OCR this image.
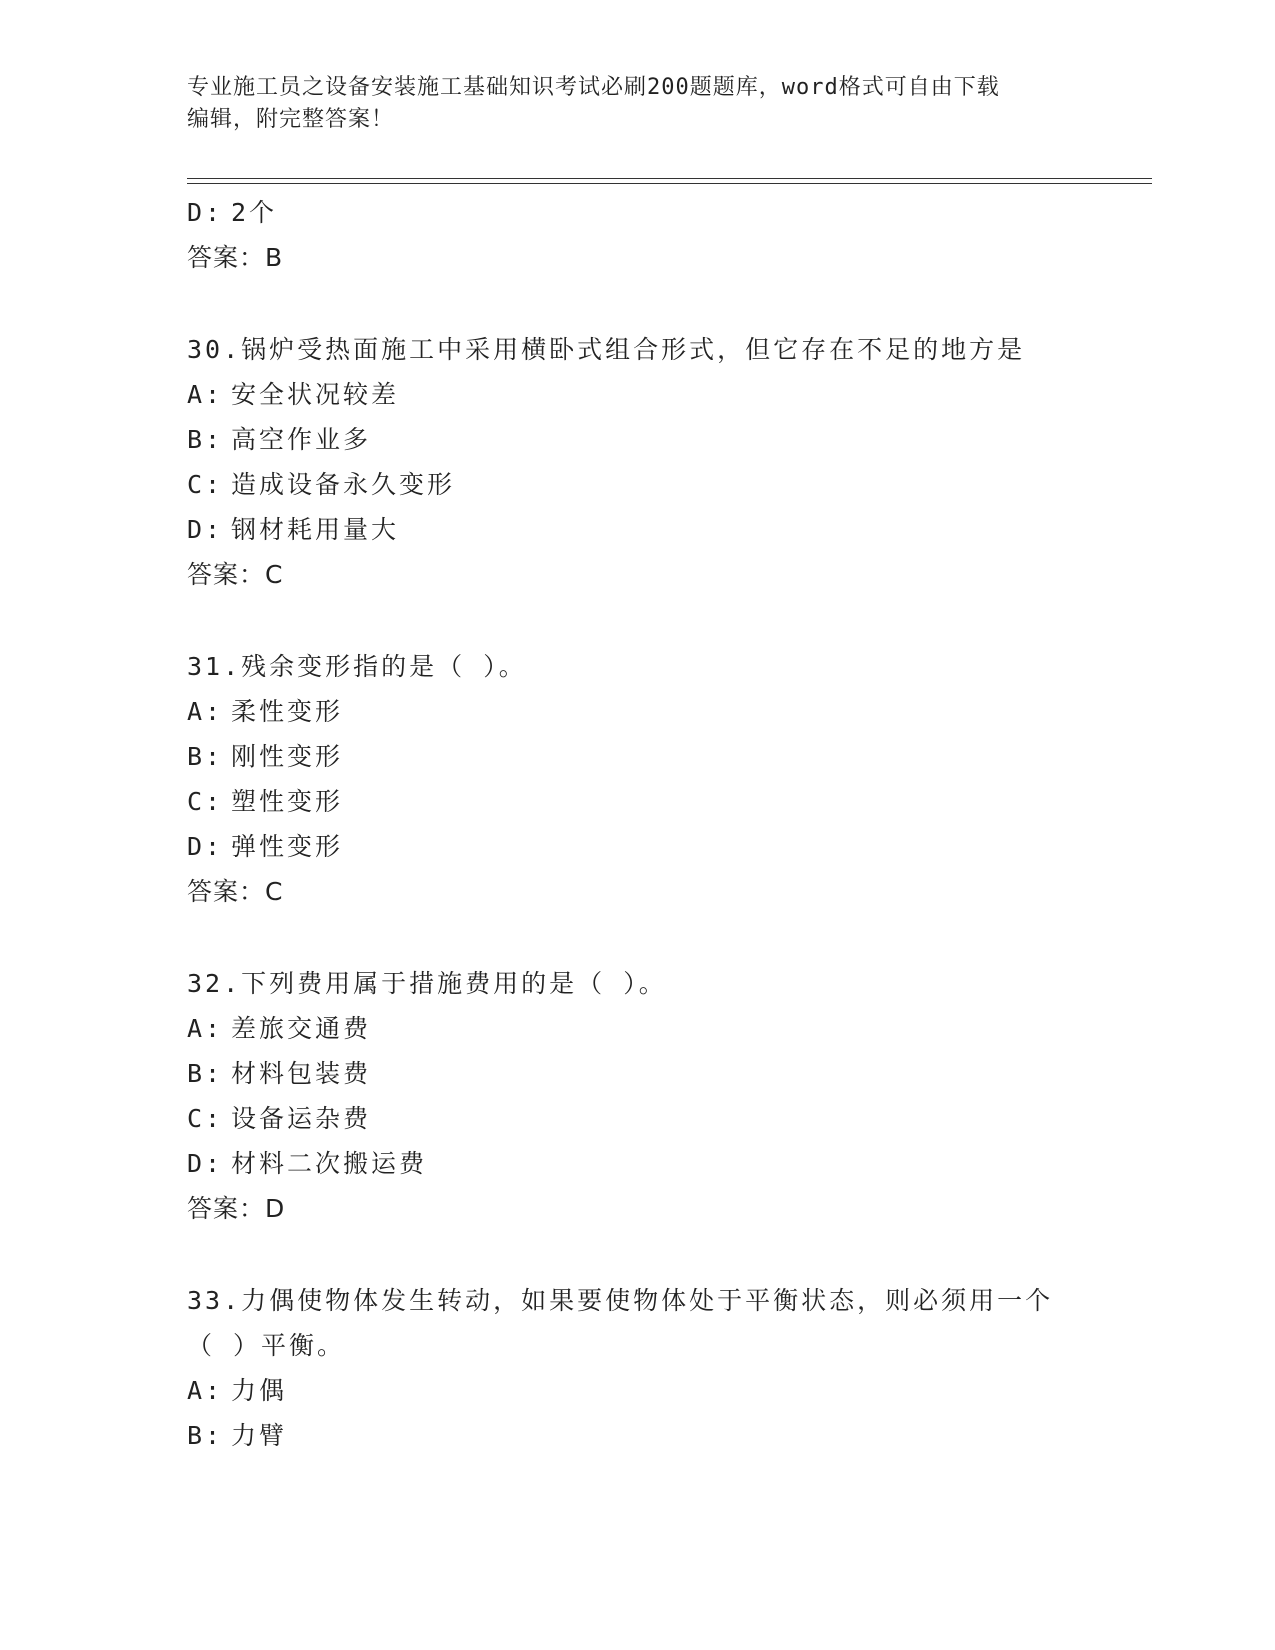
专业施工员之设备安装施工基础知识考试必刷200题题库，word格式可自由下载
编辑，附完整答案！
D: 2个
答案：B
30.锅炉受热面施工中采用横卧式组合形式，但它存在不足的地方是
A: 安全状况较差
B: 高空作业多
C: 造成设备永久变形
D: 钢材耗用量大
答案：C
31.残余变形指的是（ ）。
A: 柔性变形
B: 刚性变形
C: 塑性变形
D: 弹性变形
答案：C
32.下列费用属于措施费用的是（ ）。
A: 差旅交通费
B: 材料包装费
C: 设备运杂费
D: 材料二次搬运费
答案：D
33.力偶使物体发生转动，如果要使物体处于平衡状态，则必须用一个
（ ）平衡。
A: 力偶
B: 力臂
